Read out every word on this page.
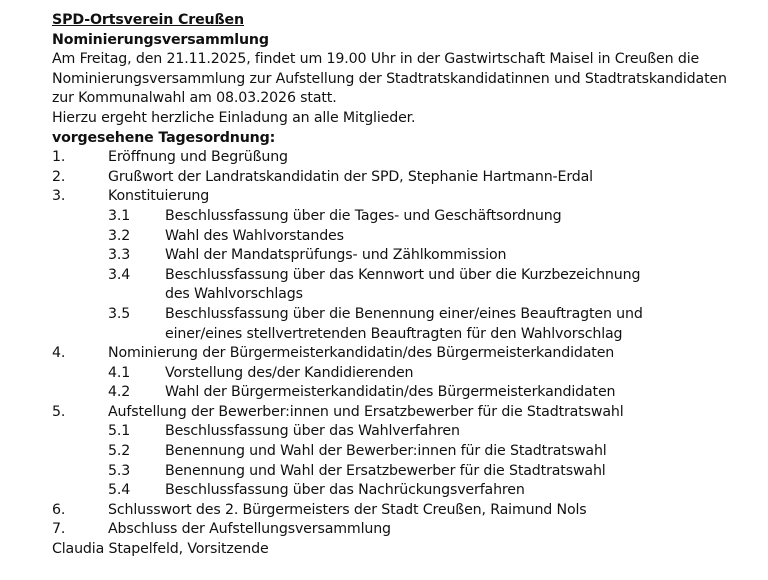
SPD-Ortsverein Creußen
Nominierungsversammlung
Am Freitag, den 21.11.2025, findet um 19.00 Uhr in der Gastwirtschaft Maisel in Creußen die
Nominierungsversammlung zur Aufstellung der Stadtratskandidatinnen und Stadtratskandidaten
zur Kommunalwahl am 08.03.2026 statt.
Hierzu ergeht herzliche Einladung an alle Mitglieder.
vorgesehene Tagesordnung:
1.	Eröffnung und Begrüßung
2.	Grußwort der Landratskandidatin der SPD, Stephanie Hartmann-Erdal
3.	Konstituierung
3.1	Beschlussfassung über die Tages- und Geschäftsordnung
3.2	Wahl des Wahlvorstandes
3.3	Wahl der Mandatsprüfungs- und Zählkommission
3.4	Beschlussfassung über das Kennwort und über die Kurzbezeichnung
des Wahlvorschlags
3.5	Beschlussfassung über die Benennung einer/eines Beauftragten und
einer/eines stellvertretenden Beauftragten für den Wahlvorschlag
4.	Nominierung der Bürgermeisterkandidatin/des Bürgermeisterkandidaten
4.1	Vorstellung des/der Kandidierenden
4.2	Wahl der Bürgermeisterkandidatin/des Bürgermeisterkandidaten
5.	Aufstellung der Bewerber:innen und Ersatzbewerber für die Stadtratswahl
5.1	Beschlussfassung über das Wahlverfahren
5.2	Benennung und Wahl der Bewerber:innen für die Stadtratswahl
5.3	Benennung und Wahl der Ersatzbewerber für die Stadtratswahl
5.4	Beschlussfassung über das Nachrückungsverfahren
6.	Schlusswort des 2. Bürgermeisters der Stadt Creußen, Raimund Nols
7.	Abschluss der Aufstellungsversammlung
Claudia Stapelfeld, Vorsitzende
